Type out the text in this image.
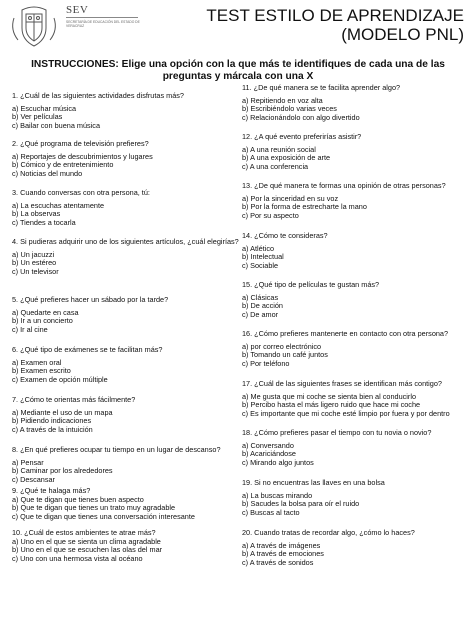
SEV
SECRETARÍA DE EDUCACIÓN DEL ESTADO DE VERACRUZ
TEST ESTILO DE APRENDIZAJE
(MODELO PNL)
INSTRUCCIONES: Elige una opción con la que más te identifiques de cada una de las preguntas y márcala con una X
1. ¿Cuál de las siguientes actividades disfrutas más?
a) Escuchar música
b) Ver películas
c) Bailar con buena música
2. ¿Qué programa de televisión prefieres?
a) Reportajes de descubrimientos y lugares
b) Cómico y de entretenimiento
c) Noticias del mundo
3. Cuando conversas con otra persona, tú:
a) La escuchas atentamente
b) La observas
c) Tiendes a tocarla
4. Si pudieras adquirir uno de los siguientes artículos, ¿cuál elegirías?
a) Un jacuzzi
b) Un estéreo
c) Un televisor
5. ¿Qué prefieres hacer un sábado por la tarde?
a) Quedarte en casa
b) Ir a un concierto
c) Ir al cine
6. ¿Qué tipo de exámenes se te facilitan más?
a) Examen oral
b) Examen escrito
c) Examen de opción múltiple
7. ¿Cómo te orientas más fácilmente?
a) Mediante el uso de un mapa
b) Pidiendo indicaciones
c) A través de la intuición
8. ¿En qué prefieres ocupar tu tiempo en un lugar de descanso?
a) Pensar
b) Caminar por los alrededores
c) Descansar
9. ¿Qué te halaga más?
a) Que te digan que tienes buen aspecto
b) Que te digan que tienes un trato muy agradable
c) Que te digan que tienes una conversación interesante
10. ¿Cuál de estos ambientes te atrae más?
a) Uno en el que se sienta un clima agradable
b) Uno en el que se escuchen las olas del mar
c) Uno con una hermosa vista al océano
11. ¿De qué manera se te facilita aprender algo?
a) Repitiendo en voz alta
b) Escribiéndolo varias veces
c) Relacionándolo con algo divertido
12. ¿A qué evento preferirías asistir?
a) A una reunión social
b) A una exposición de arte
c) A una conferencia
13. ¿De qué manera te formas una opinión de otras personas?
a) Por la sinceridad en su voz
b) Por la forma de estrecharte la mano
c) Por su aspecto
14. ¿Cómo te consideras?
a) Atlético
b) Intelectual
c) Sociable
15. ¿Qué tipo de películas te gustan más?
a) Clásicas
b) De acción
c) De amor
16. ¿Cómo prefieres mantenerte en contacto con otra persona?
a) por correo electrónico
b) Tomando un café juntos
c) Por teléfono
17. ¿Cuál de las siguientes frases se identifican más contigo?
a) Me gusta que mi coche se sienta bien al conducirlo
b) Percibo hasta el más ligero ruido que hace mi coche
c) Es importante que mi coche esté limpio por fuera y por dentro
18. ¿Cómo prefieres pasar el tiempo con tu novia o novio?
a) Conversando
b) Acariciándose
c) Mirando algo juntos
19. Si no encuentras las llaves en una bolsa
a) La buscas mirando
b) Sacudes la bolsa para oír el ruido
c) Buscas al tacto
20. Cuando tratas de recordar algo, ¿cómo lo haces?
a) A través de imágenes
b) A través de emociones
c) A través de sonidos
